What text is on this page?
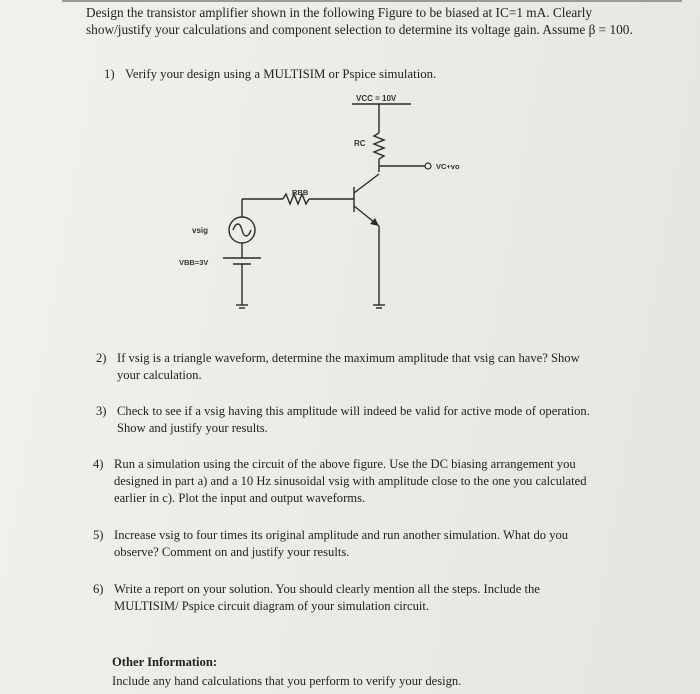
Design the transistor amplifier shown in the following Figure to be biased at IC=1 mA. Clearly
show/justify your calculations and component selection to determine its voltage gain. Assume β = 100.
1) Verify your design using a MULTISIM or Pspice simulation.
VCC = 10V
RC
VC+vo
RBB
vsig
VBB=3V
2) If vsig is a triangle waveform, determine the maximum amplitude that vsig can have? Show
your calculation.
3) Check to see if a vsig having this amplitude will indeed be valid for active mode of operation.
Show and justify your results.
4) Run a simulation using the circuit of the above figure. Use the DC biasing arrangement you
designed in part a) and a 10 Hz sinusoidal vsig with amplitude close to the one you calculated
earlier in c). Plot the input and output waveforms.
5) Increase vsig to four times its original amplitude and run another simulation. What do you
observe? Comment on and justify your results.
6) Write a report on your solution. You should clearly mention all the steps. Include the
MULTISIM/ Pspice circuit diagram of your simulation circuit.
Other Information:
Include any hand calculations that you perform to verify your design.
